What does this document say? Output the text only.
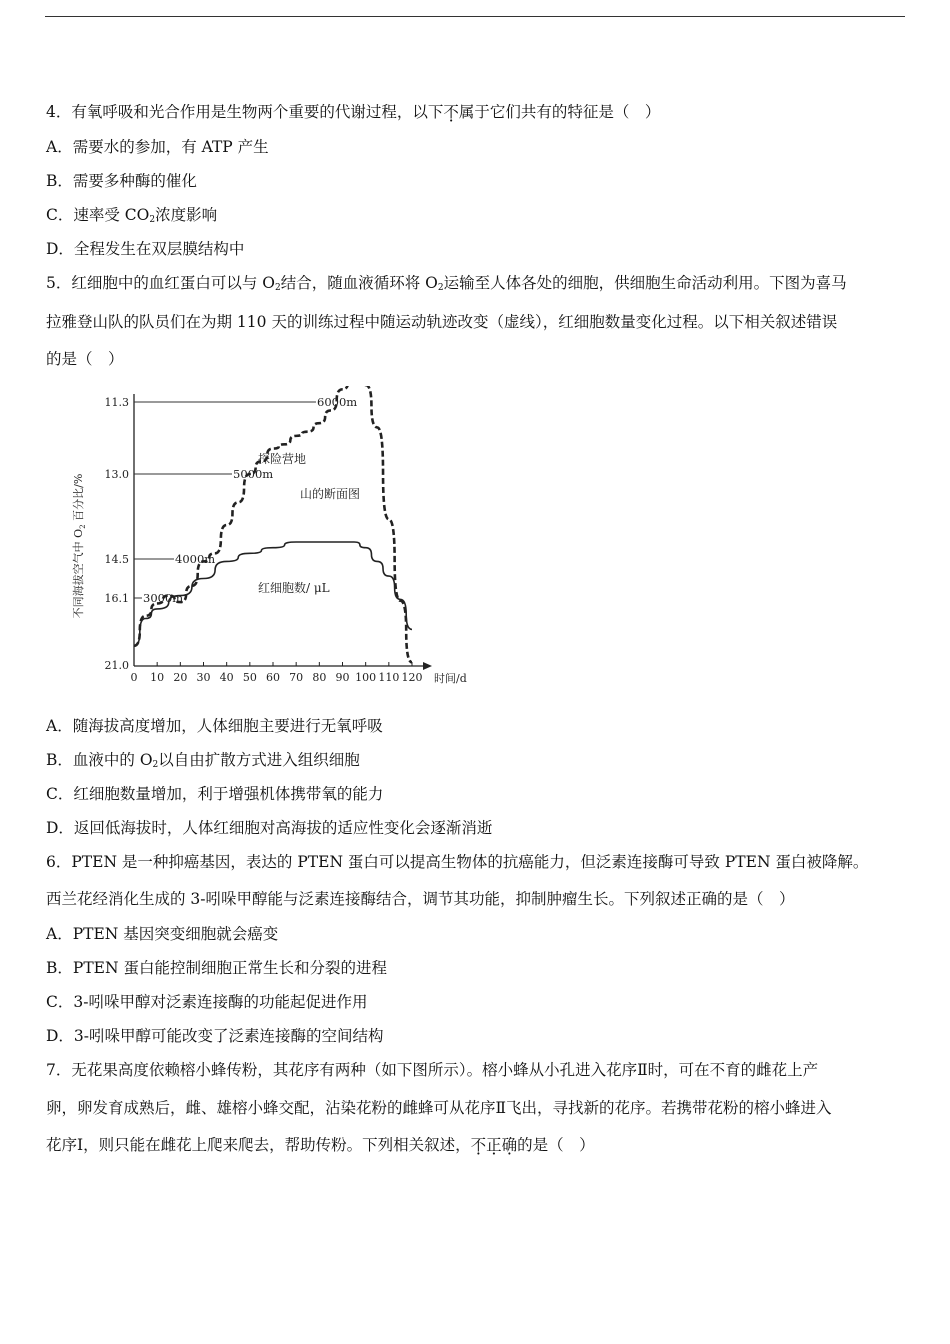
4．有氧呼吸和光合作用是生物两个重要的代谢过程，以下不属于它们共有的特征是（　）
A．需要水的参加，有 ATP 产生
B．需要多种酶的催化
C．速率受 $CO_2$浓度影响
D．全程发生在双层膜结构中
5．红细胞中的血红蛋白可以与 $O_2$结合，随血液循环将 $O_2$运输至人体各处的细胞，供细胞生命活动利用。下图为喜马
拉雅登山队的队员们在为期 110 天的训练过程中随运动轨迹改变（虚线），红细胞数量变化过程。以下相关叙述错误
的是（　）
不同海拔空气中 $O_2$ 百分比/%
6000m
5000m
4000m
3000m
0 10 20 30 40 50 60 70 80 90 100 110 120
11.3
13.0
14.5
16.1
21.0
时间/d
探险营地
山的断面图
红细胞数/ μL
A．随海拔高度增加，人体细胞主要进行无氧呼吸
B．血液中的 $O_2$以自由扩散方式进入组织细胞
C．红细胞数量增加，利于增强机体携带氧的能力
D．返回低海拔时，人体红细胞对高海拔的适应性变化会逐渐消逝
6．PTEN 是一种抑癌基因，表达的 PTEN 蛋白可以提高生物体的抗癌能力，但泛素连接酶可导致 PTEN 蛋白被降解。
西兰花经消化生成的 3-吲哚甲醇能与泛素连接酶结合，调节其功能，抑制肿瘤生长。下列叙述正确的是（　）
A．PTEN 基因突变细胞就会癌变
B．PTEN 蛋白能控制细胞正常生长和分裂的进程
C．3-吲哚甲醇对泛素连接酶的功能起促进作用
D．3-吲哚甲醇可能改变了泛素连接酶的空间结构
7．无花果高度依赖榕小蜂传粉，其花序有两种（如下图所示）。榕小蜂从小孔进入花序Ⅱ时，可在不育的雌花上产
卵，卵发育成熟后，雌、雄榕小蜂交配，沾染花粉的雌蜂可从花序Ⅱ飞出，寻找新的花序。若携带花粉的榕小蜂进入
花序Ⅰ，则只能在雌花上爬来爬去，帮助传粉。下列相关叙述，不正确的是（　）
